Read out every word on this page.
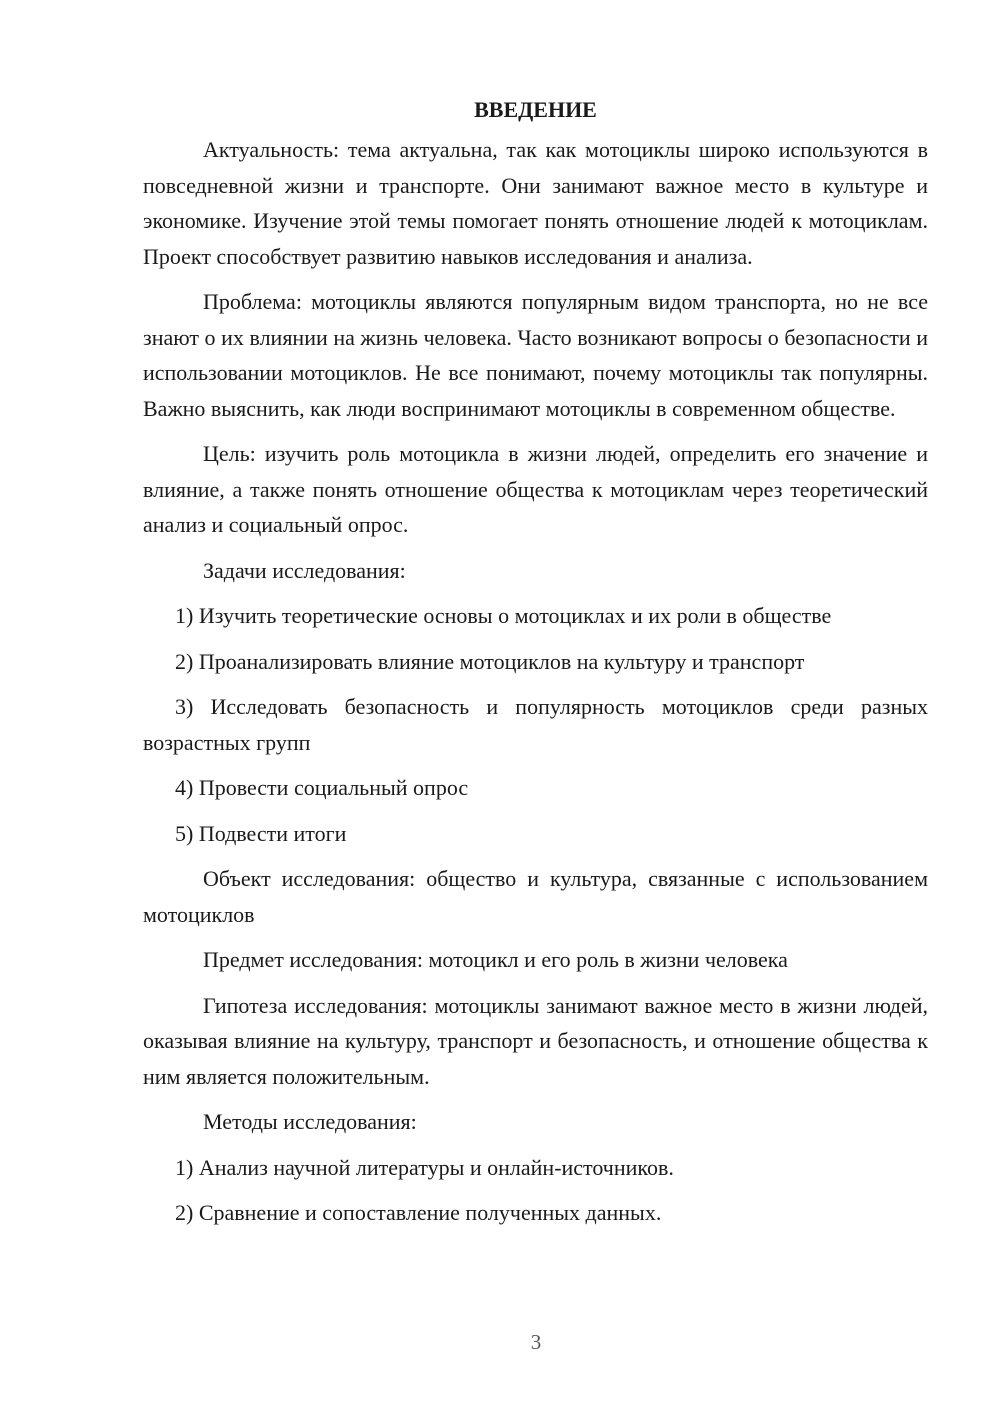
ВВЕДЕНИЕ

Актуальность: тема актуальна, так как мотоциклы широко используются в повседневной жизни и транспорте. Они занимают важное место в культуре и экономике. Изучение этой темы помогает понять отношение людей к мотоциклам. Проект способствует развитию навыков исследования и анализа.

Проблема: мотоциклы являются популярным видом транспорта, но не все знают о их влиянии на жизнь человека. Часто возникают вопросы о безопасности и использовании мотоциклов. Не все понимают, почему мотоциклы так популярны. Важно выяснить, как люди воспринимают мотоциклы в современном обществе.

Цель: изучить роль мотоцикла в жизни людей, определить его значение и влияние, а также понять отношение общества к мотоциклам через теоретический анализ и социальный опрос.

Задачи исследования:

1) Изучить теоретические основы о мотоциклах и их роли в обществе

2) Проанализировать влияние мотоциклов на культуру и транспорт

3) Исследовать безопасность и популярность мотоциклов среди разных возрастных групп

4) Провести социальный опрос

5) Подвести итоги

Объект исследования: общество и культура, связанные с использованием мотоциклов

Предмет исследования: мотоцикл и его роль в жизни человека

Гипотеза исследования: мотоциклы занимают важное место в жизни людей, оказывая влияние на культуру, транспорт и безопасность, и отношение общества к ним является положительным.

Методы исследования:

1) Анализ научной литературы и онлайн-источников.

2) Сравнение и сопоставление полученных данных.

3
